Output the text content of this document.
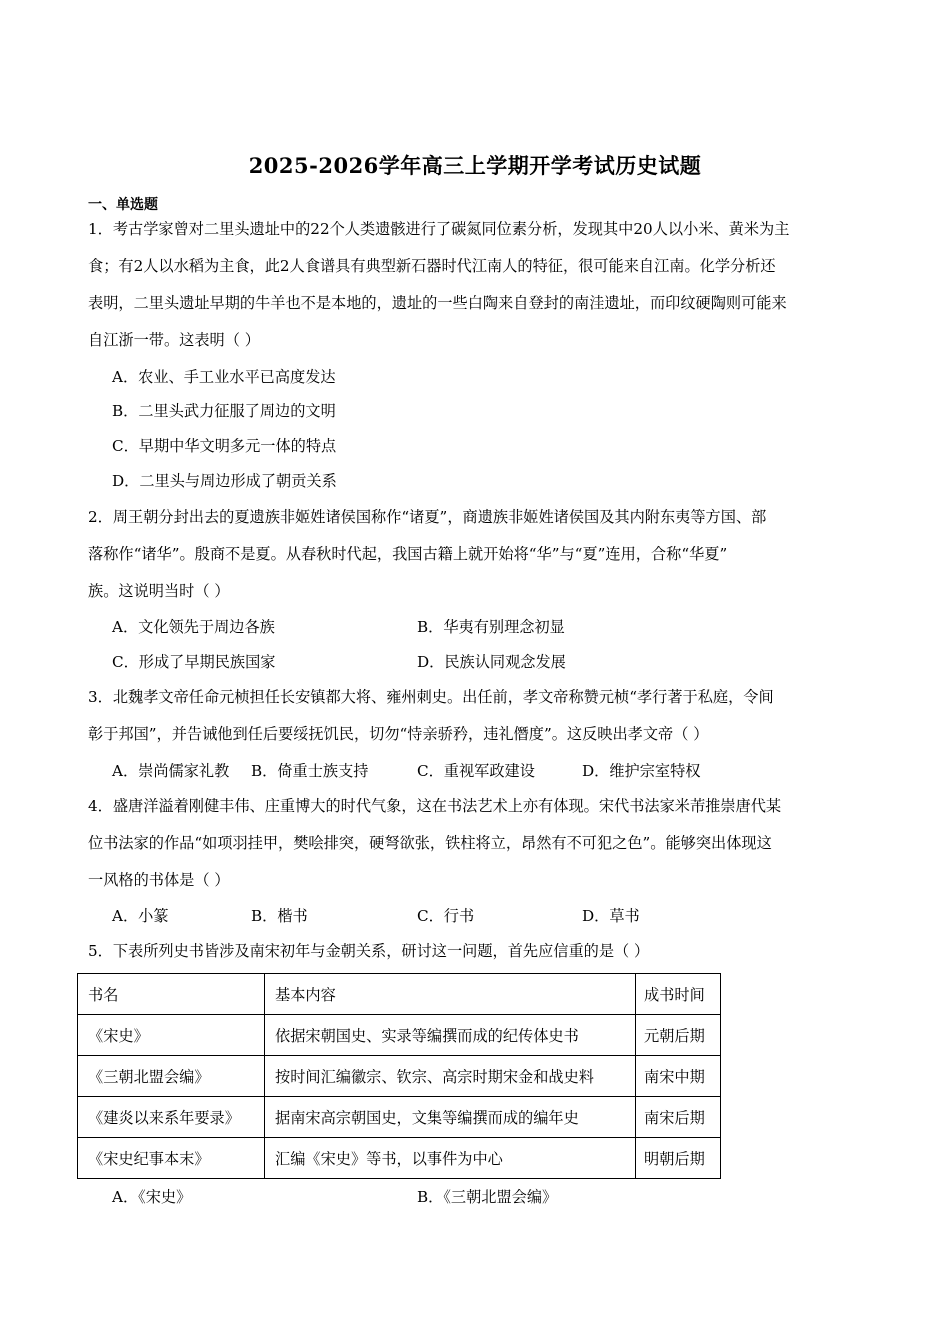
2025-2026学年高三上学期开学考试历史试题
一、单选题
1．考古学家曾对二里头遗址中的22个人类遗骸进行了碳氮同位素分析，发现其中20人以小米、黄米为主
食；有2人以水稻为主食，此2人食谱具有典型新石器时代江南人的特征，很可能来自江南。化学分析还
表明，二里头遗址早期的牛羊也不是本地的，遗址的一些白陶来自登封的南洼遗址，而印纹硬陶则可能来
自江浙一带。这表明（ ）
A．农业、手工业水平已高度发达
B．二里头武力征服了周边的文明
C．早期中华文明多元一体的特点
D．二里头与周边形成了朝贡关系
2．周王朝分封出去的夏遗族非姬姓诸侯国称作“诸夏”，商遗族非姬姓诸侯国及其内附东夷等方国、部
落称作“诸华”。殷商不是夏。从春秋时代起，我国古籍上就开始将“华”与“夏”连用，合称“华夏”
族。这说明当时（ ）
A．文化领先于周边各族	B．华夷有别理念初显
C．形成了早期民族国家	D．民族认同观念发展
3．北魏孝文帝任命元桢担任长安镇都大将、雍州刺史。出任前，孝文帝称赞元桢“孝行著于私庭，令间
彰于邦国”，并告诫他到任后要绥抚饥民，切勿“恃亲骄矜，违礼僭度”。这反映出孝文帝（ ）
A．崇尚儒家礼教 B．倚重士族支持	C．重视军政建设	D．维护宗室特权
4．盛唐洋溢着刚健丰伟、庄重博大的时代气象，这在书法艺术上亦有体现。宋代书法家米芾推崇唐代某
位书法家的作品“如项羽挂甲，樊哙排突，硬弩欲张，铁柱将立，昂然有不可犯之色”。能够突出体现这
一风格的书体是（ ）
A．小篆	B．楷书	C．行书	D．草书
5．下表所列史书皆涉及南宋初年与金朝关系，研讨这一问题，首先应信重的是（ ）
书名	基本内容	成书时间
《宋史》	依据宋朝国史、实录等编撰而成的纪传体史书	元朝后期
《三朝北盟会编》	按时间汇编徽宗、钦宗、高宗时期宋金和战史料	南宋中期
《建炎以来系年要录》	据南宋高宗朝国史，文集等编撰而成的编年史	南宋后期
《宋史纪事本末》	汇编《宋史》等书，以事件为中心	明朝后期
A．《宋史》	B．《三朝北盟会编》
